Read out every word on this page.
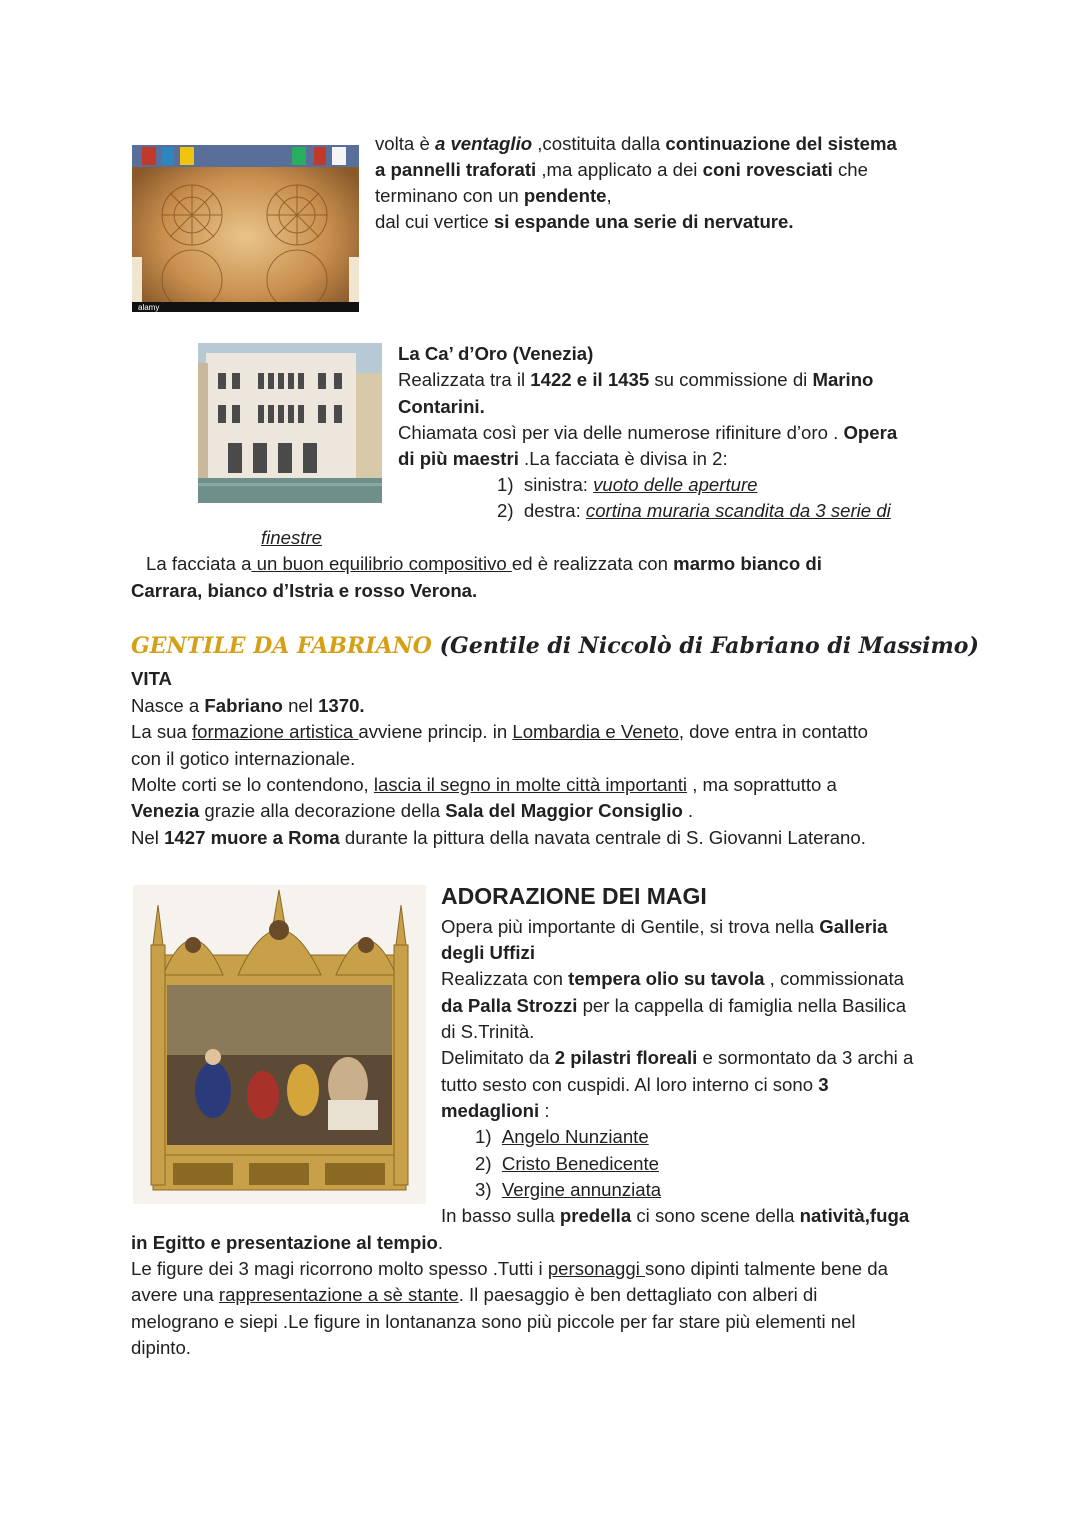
alamy

volta è a ventaglio ,costituita dalla continuazione del sistema

a pannelli traforati ,ma applicato a dei coni rovesciati che

terminano con un pendente,

dal cui vertice si espande una serie di nervature.

La Ca’ d’Oro (Venezia)

Realizzata tra il 1422 e il 1435 su commissione di Marino

Contarini.

Chiamata così per via delle numerose rifiniture d’oro . Opera

di più maestri .La facciata è divisa in 2:

1) sinistra: vuoto delle aperture

2) destra: cortina muraria scandita da 3 serie di

finestre

La facciata a un buon equilibrio compositivo ed è realizzata con marmo bianco di

Carrara, bianco d’Istria e rosso Verona.

GENTILE DA FABRIANO (Gentile di Niccolò di Fabriano di Massimo)

VITA

Nasce a Fabriano nel 1370.

La sua formazione artistica avviene princip. in Lombardia e Veneto, dove entra in contatto

con il gotico internazionale.

Molte corti se lo contendono, lascia il segno in molte città importanti , ma soprattutto a

Venezia grazie alla decorazione della Sala del Maggior Consiglio .

Nel 1427 muore a Roma durante la pittura della navata centrale di S. Giovanni Laterano.

ADORAZIONE DEI MAGI

Opera più importante di Gentile, si trova nella Galleria

degli Uffizi

Realizzata con tempera olio su tavola , commissionata

da Palla Strozzi per la cappella di famiglia nella Basilica

di S.Trinità.

Delimitato da 2 pilastri floreali e sormontato da 3 archi a

tutto sesto con cuspidi. Al loro interno ci sono 3

medaglioni :

1) Angelo Nunziante

2) Cristo Benedicente

3) Vergine annunziata

In basso sulla predella ci sono scene della natività,fuga

in Egitto e presentazione al tempio.

Le figure dei 3 magi ricorrono molto spesso .Tutti i personaggi sono dipinti talmente bene da

avere una rappresentazione a sè stante. Il paesaggio è ben dettagliato con alberi di

melograno e siepi .Le figure in lontananza sono più piccole per far stare più elementi nel

dipinto.
